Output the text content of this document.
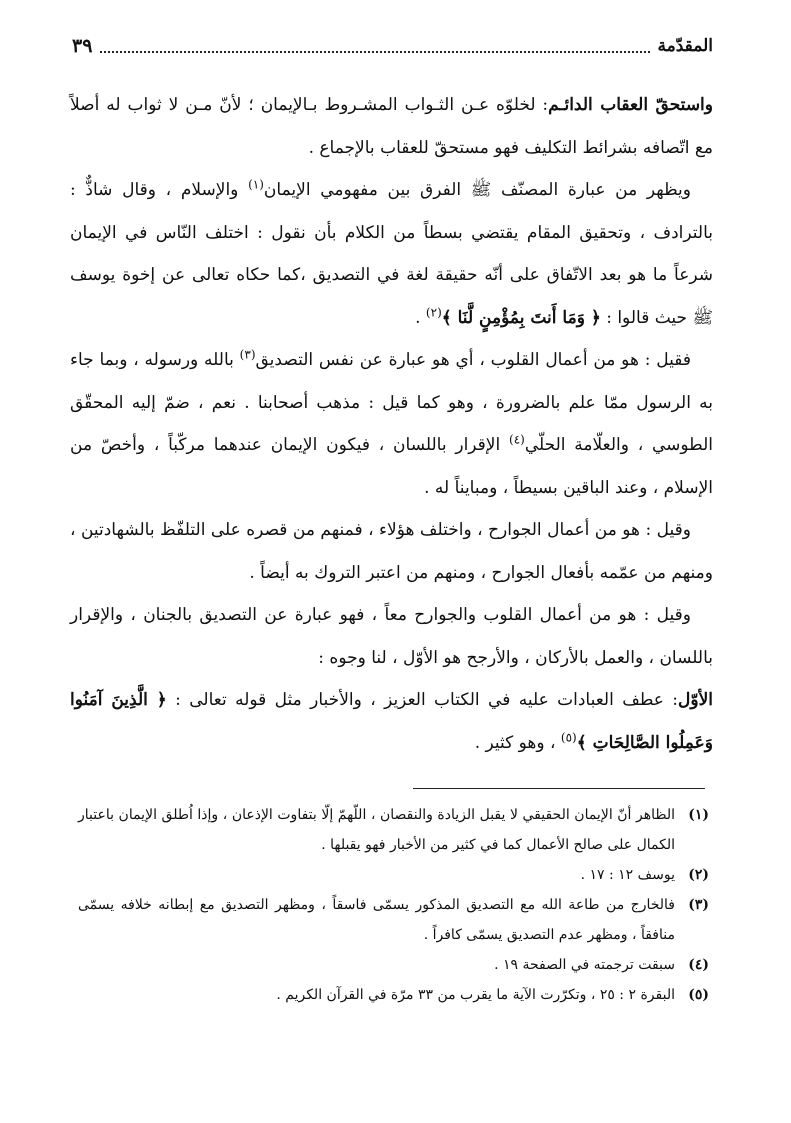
المقدّمة
٣٩

واستحقّ العقاب الدائـم: لخلوّه عـن الثـواب المشـروط بـالإيمان ؛ لأنّ مـن لا ثواب له أصلاً مع اتّصافه بشرائط التكليف فهو مستحقّ للعقاب بالإجماع .

ويظهر من عبارة المصنّف ﷺ الفرق بين مفهومي الإيمان$^{(١)}$ والإسلام ، وقال شاذٌّ : بالترادف ، وتحقيق المقام يقتضي بسطاً من الكلام بأن نقول : اختلف النّاس في الإيمان شرعاً ما هو بعد الاتّفاق على أنّه حقيقة لغة في التصديق ،كما حكاه تعالى عن إخوة يوسف ﷺ حيث قالوا : ﴿ وَمَا أَنتَ بِمُؤْمِنٍ لَّنَا ﴾$^{(٢)}$ .

فقيل : هو من أعمال القلوب ، أي هو عبارة عن نفس التصديق$^{(٣)}$ بالله ورسوله ، وبما جاء به الرسول ممّا علم بالضرورة ، وهو كما قيل : مذهب أصحابنا . نعم ، ضمّ إليه المحقّق الطوسي ، والعلّامة الحلّي$^{(٤)}$ الإقرار باللسان ، فيكون الإيمان عندهما مركّباً ، وأخصّ من الإسلام ، وعند الباقين بسيطاً ، ومبايناً له .

وقيل : هو من أعمال الجوارح ، واختلف هؤلاء ، فمنهم من قصره على التلفّظ بالشهادتين ، ومنهم من عمّمه بأفعال الجوارح ، ومنهم من اعتبر التروك به أيضاً .

وقيل : هو من أعمال القلوب والجوارح معاً ، فهو عبارة عن التصديق بالجنان ، والإقرار باللسان ، والعمل بالأركان ، والأرجح هو الأوّل ، لنا وجوه :

الأوّل: عطف العبادات عليه في الكتاب العزيز ، والأخبار مثل قوله تعالى : ﴿ الَّذِينَ آمَنُوا وَعَمِلُوا الصَّالِحَاتِ ﴾$^{(٥)}$ ، وهو كثير .

(١)
الظاهر أنّ الإيمان الحقيقي لا يقبل الزيادة والنقصان ، اللّهمّ إلّا بتفاوت الإذعان ، وإذا اُطلق الإيمان باعتبار الكمال على صالح الأعمال كما في كثير من الأخبار فهو يقبلها .
(٢)
يوسف ١٢ : ١٧ .
(٣)
فالخارج من طاعة الله مع التصديق المذكور يسمّى فاسقاً ، ومظهر التصديق مع إبطانه خلافه يسمّى منافقاً ، ومظهر عدم التصديق يسمّى كافراً .
(٤)
سبقت ترجمته في الصفحة ١٩ .
(٥)
البقرة ٢ : ٢٥ ، وتكرّرت الآية ما يقرب من ٣٣ مرّة في القرآن الكريم .
